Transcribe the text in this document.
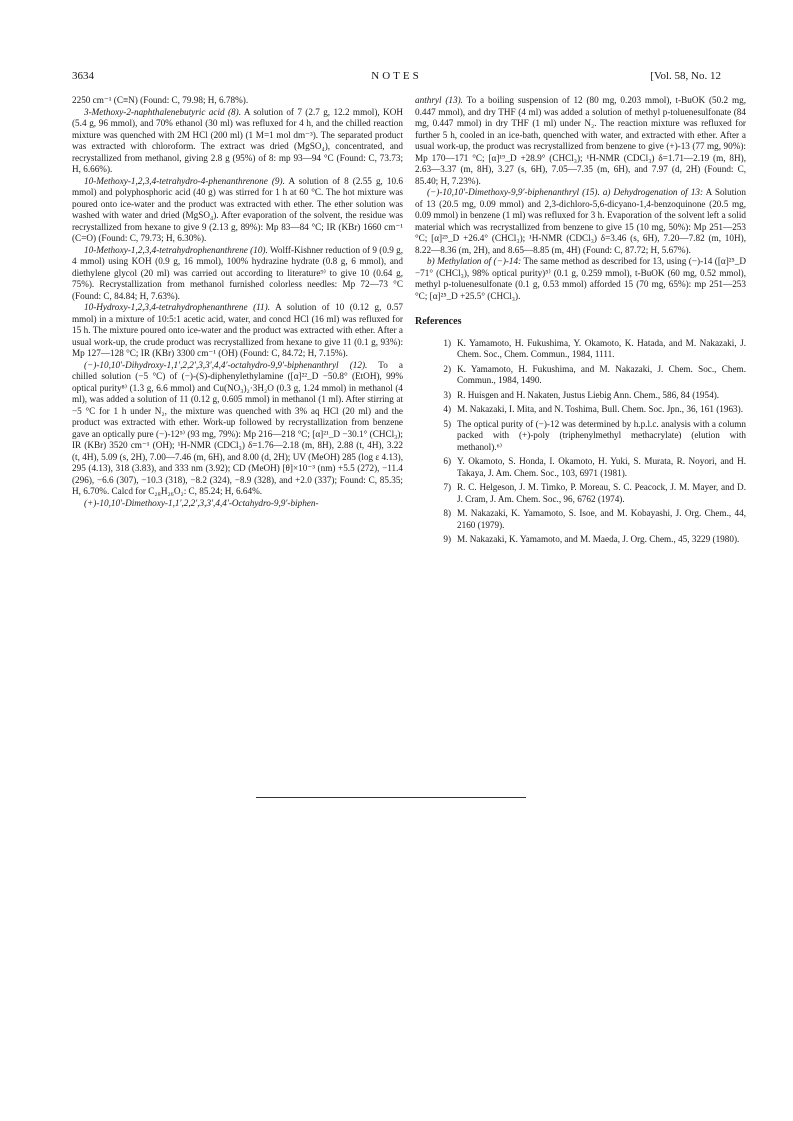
3634	NOTES	[Vol. 58, No. 12

2250 cm⁻¹ (C≡N) (Found: C, 79.98; H, 6.78%).

3-Methoxy-2-naphthalenebutyric acid (8). A solution of 7 (2.7 g, 12.2 mmol), KOH (5.4 g, 96 mmol), and 70% ethanol (30 ml) was refluxed for 4 h, and the chilled reaction mixture was quenched with 2M HCl (200 ml) (1 M=1 mol dm⁻³). The separated product was extracted with chloroform. The extract was dried (MgSO₄), concentrated, and recrystallized from methanol, giving 2.8 g (95%) of 8: mp 93—94 °C (Found: C, 73.73; H, 6.66%).

10-Methoxy-1,2,3,4-tetrahydro-4-phenanthrenone (9). A solution of 8 (2.55 g, 10.6 mmol) and polyphosphoric acid (40 g) was stirred for 1 h at 60 °C. The hot mixture was poured onto ice-water and the product was extracted with ether. The ether solution was washed with water and dried (MgSO₄). After evaporation of the solvent, the residue was recrystallized from hexane to give 9 (2.13 g, 89%): Mp 83—84 °C; IR (KBr) 1660 cm⁻¹ (C=O) (Found: C, 79.73; H, 6.30%).

10-Methoxy-1,2,3,4-tetrahydrophenanthrene (10). Wolff-Kishner reduction of 9 (0.9 g, 4 mmol) using KOH (0.9 g, 16 mmol), 100% hydrazine hydrate (0.8 g, 6 mmol), and diethylene glycol (20 ml) was carried out according to literature⁹⁾ to give 10 (0.64 g, 75%). Recrystallization from methanol furnished colorless needles: Mp 72—73 °C (Found: C, 84.84; H, 7.63%).

10-Hydroxy-1,2,3,4-tetrahydrophenanthrene (11). A solution of 10 (0.12 g, 0.57 mmol) in a mixture of 10:5:1 acetic acid, water, and concd HCl (16 ml) was refluxed for 15 h. The mixture poured onto ice-water and the product was extracted with ether. After a usual work-up, the crude product was recrystallized from hexane to give 11 (0.1 g, 93%): Mp 127—128 °C; IR (KBr) 3300 cm⁻¹ (OH) (Found: C, 84.72; H, 7.15%).

(−)-10,10′-Dihydroxy-1,1′,2,2′,3,3′,4,4′-octahydro-9,9′-biphenanthryl (12). To a chilled solution (−5 °C) of (−)-(S)-diphenylethylamine ([α]²²_D −50.8° (EtOH), 99% optical purity⁸⁾ (1.3 g, 6.6 mmol) and Cu(NO₃)₂·3H₂O (0.3 g, 1.24 mmol) in methanol (4 ml), was added a solution of 11 (0.12 g, 0.605 mmol) in methanol (1 ml). After stirring at −5 °C for 1 h under N₂, the mixture was quenched with 3% aq HCl (20 ml) and the product was extracted with ether. Work-up followed by recrystallization from benzene gave an optically pure (−)-12⁵⁾ (93 mg, 79%): Mp 216—218 °C; [α]²¹_D −30.1° (CHCl₃); IR (KBr) 3520 cm⁻¹ (OH); ¹H-NMR (CDCl₃) δ=1.76—2.18 (m, 8H), 2.88 (t, 4H), 3.22 (t, 4H), 5.09 (s, 2H), 7.00—7.46 (m, 6H), and 8.00 (d, 2H); UV (MeOH) 285 (log ε 4.13), 295 (4.13), 318 (3.83), and 333 nm (3.92); CD (MeOH) [θ]×10⁻³ (nm) +5.5 (272), −11.4 (296), −6.6 (307), −10.3 (318), −8.2 (324), −8.9 (328), and +2.0 (337); Found: C, 85.35; H, 6.70%. Calcd for C₂₈H₂₆O₂: C, 85.24; H, 6.64%.

(+)-10,10′-Dimethoxy-1,1′,2,2′,3,3′,4,4′-Octahydro-9,9′-biphen-

anthryl (13). To a boiling suspension of 12 (80 mg, 0.203 mmol), t-BuOK (50.2 mg, 0.447 mmol), and dry THF (4 ml) was added a solution of methyl p-toluenesulfonate (84 mg, 0.447 mmol) in dry THF (1 ml) under N₂. The reaction mixture was refluxed for further 5 h, cooled in an ice-bath, quenched with water, and extracted with ether. After a usual work-up, the product was recrystallized from benzene to give (+)-13 (77 mg, 90%): Mp 170—171 °C; [α]¹⁹_D +28.9° (CHCl₃); ¹H-NMR (CDCl₃) δ=1.71—2.19 (m, 8H), 2.63—3.37 (m, 8H), 3.27 (s, 6H), 7.05—7.35 (m, 6H), and 7.97 (d, 2H) (Found: C, 85.40; H, 7.23%).

(−)-10,10′-Dimethoxy-9,9′-biphenanthryl (15). a) Dehydrogenation of 13: A Solution of 13 (20.5 mg, 0.09 mmol) and 2,3-dichloro-5,6-dicyano-1,4-benzoquinone (20.5 mg, 0.09 mmol) in benzene (1 ml) was refluxed for 3 h. Evaporation of the solvent left a solid material which was recrystallized from benzene to give 15 (10 mg, 50%): Mp 251—253 °C; [α]²⁵_D +26.4° (CHCl₃); ¹H-NMR (CDCl₃) δ=3.46 (s, 6H), 7.20—7.82 (m, 10H), 8.22—8.36 (m, 2H), and 8.65—8.85 (m, 4H) (Found: C, 87.72; H, 5.67%).

b) Methylation of (−)-14: The same method as described for 13, using (−)-14 ([α]²⁵_D −71° (CHCl₃), 98% optical purity)⁵⁾ (0.1 g, 0.259 mmol), t-BuOK (60 mg, 0.52 mmol), methyl p-toluenesulfonate (0.1 g, 0.53 mmol) afforded 15 (70 mg, 65%): mp 251—253 °C; [α]²⁵_D +25.5° (CHCl₃).

References
1) K. Yamamoto, H. Fukushima, Y. Okamoto, K. Hatada, and M. Nakazaki, J. Chem. Soc., Chem. Commun., 1984, 1111.
2) K. Yamamoto, H. Fukushima, and M. Nakazaki, J. Chem. Soc., Chem. Commun., 1984, 1490.
3) R. Huisgen and H. Nakaten, Justus Liebig Ann. Chem., 586, 84 (1954).
4) M. Nakazaki, I. Mita, and N. Toshima, Bull. Chem. Soc. Jpn., 36, 161 (1963).
5) The optical purity of (−)-12 was determined by h.p.l.c. analysis with a column packed with (+)-poly (triphenylmethyl methacrylate) (elution with methanol).⁶⁾
6) Y. Okamoto, S. Honda, I. Okamoto, H. Yuki, S. Murata, R. Noyori, and H. Takaya, J. Am. Chem. Soc., 103, 6971 (1981).
7) R. C. Helgeson, J. M. Timko, P. Moreau, S. C. Peacock, J. M. Mayer, and D. J. Cram, J. Am. Chem. Soc., 96, 6762 (1974).
8) M. Nakazaki, K. Yamamoto, S. Isoe, and M. Kobayashi, J. Org. Chem., 44, 2160 (1979).
9) M. Nakazaki, K. Yamamoto, and M. Maeda, J. Org. Chem., 45, 3229 (1980).
